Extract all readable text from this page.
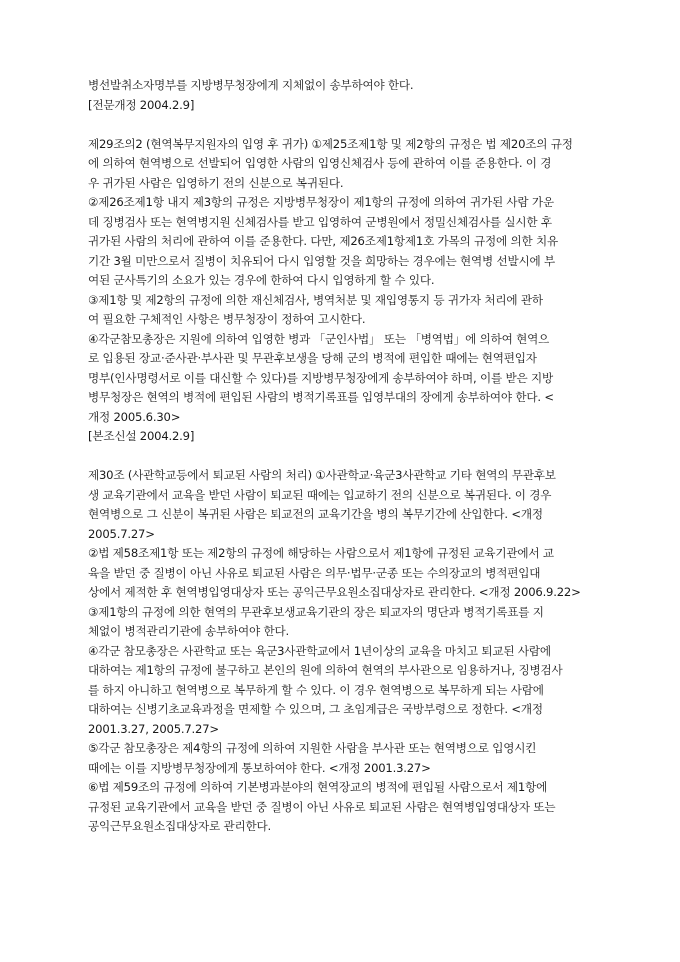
병선발취소자명부를 지방병무청장에게 지체없이 송부하여야 한다.
[전문개정 2004.2.9]
제29조의2 (현역복무지원자의 입영 후 귀가) ①제25조제1항 및 제2항의 규정은 법 제20조의 규정
에 의하여 현역병으로 선발되어 입영한 사람의 입영신체검사 등에 관하여 이를 준용한다. 이 경
우 귀가된 사람은 입영하기 전의 신분으로 복귀된다.
②제26조제1항 내지 제3항의 규정은 지방병무청장이 제1항의 규정에 의하여 귀가된 사람 가운
데 징병검사 또는 현역병지원 신체검사를 받고 입영하여 군병원에서 정밀신체검사를 실시한 후
귀가된 사람의 처리에 관하여 이를 준용한다. 다만, 제26조제1항제1호 가목의 규정에 의한 치유
기간 3월 미만으로서 질병이 치유되어 다시 입영할 것을 희망하는 경우에는 현역병 선발시에 부
여된 군사특기의 소요가 있는 경우에 한하여 다시 입영하게 할 수 있다.
③제1항 및 제2항의 규정에 의한 재신체검사, 병역처분 및 재입영통지 등 귀가자 처리에 관하
여 필요한 구체적인 사항은 병무청장이 정하여 고시한다.
④각군참모총장은 지원에 의하여 입영한 병과 「군인사법」 또는 「병역법」에 의하여 현역으
로 입용된 장교·준사관·부사관 및 무관후보생을 당해 군의 병적에 편입한 때에는 현역편입자
명부(인사명령서로 이를 대신할 수 있다)를 지방병무청장에게 송부하여야 하며, 이를 받은 지방
병무청장은 현역의 병적에 편입된 사람의 병적기록표를 입영부대의 장에게 송부하여야 한다. <
개정 2005.6.30>
[본조신설 2004.2.9]
제30조 (사관학교등에서 퇴교된 사람의 처리) ①사관학교·육군3사관학교 기타 현역의 무관후보
생 교육기관에서 교육을 받던 사람이 퇴교된 때에는 입교하기 전의 신분으로 복귀된다. 이 경우
현역병으로 그 신분이 복귀된 사람은 퇴교전의 교육기간을 병의 복무기간에 산입한다. <개정
2005.7.27>
②법 제58조제1항 또는 제2항의 규정에 해당하는 사람으로서 제1항에 규정된 교육기관에서 교
육을 받던 중 질병이 아닌 사유로 퇴교된 사람은 의무·법무·군종 또는 수의장교의 병적편입대
상에서 제적한 후 현역병입영대상자 또는 공익근무요원소집대상자로 관리한다. <개정 2006.9.22>
③제1항의 규정에 의한 현역의 무관후보생교육기관의 장은 퇴교자의 명단과 병적기록표를 지
체없이 병적관리기관에 송부하여야 한다.
④각군 참모총장은 사관학교 또는 육군3사관학교에서 1년이상의 교육을 마치고 퇴교된 사람에
대하여는 제1항의 규정에 불구하고 본인의 원에 의하여 현역의 부사관으로 임용하거나, 징병검사
를 하지 아니하고 현역병으로 복무하게 할 수 있다. 이 경우 현역병으로 복무하게 되는 사람에
대하여는 신병기초교육과정을 면제할 수 있으며, 그 초임계급은 국방부령으로 정한다. <개정
2001.3.27, 2005.7.27>
⑤각군 참모총장은 제4항의 규정에 의하여 지원한 사람을 부사관 또는 현역병으로 입영시킨
때에는 이를 지방병무청장에게 통보하여야 한다. <개정 2001.3.27>
⑥법 제59조의 규정에 의하여 기본병과분야의 현역장교의 병적에 편입될 사람으로서 제1항에
규정된 교육기관에서 교육을 받던 중 질병이 아닌 사유로 퇴교된 사람은 현역병입영대상자 또는
공익근무요원소집대상자로 관리한다.
